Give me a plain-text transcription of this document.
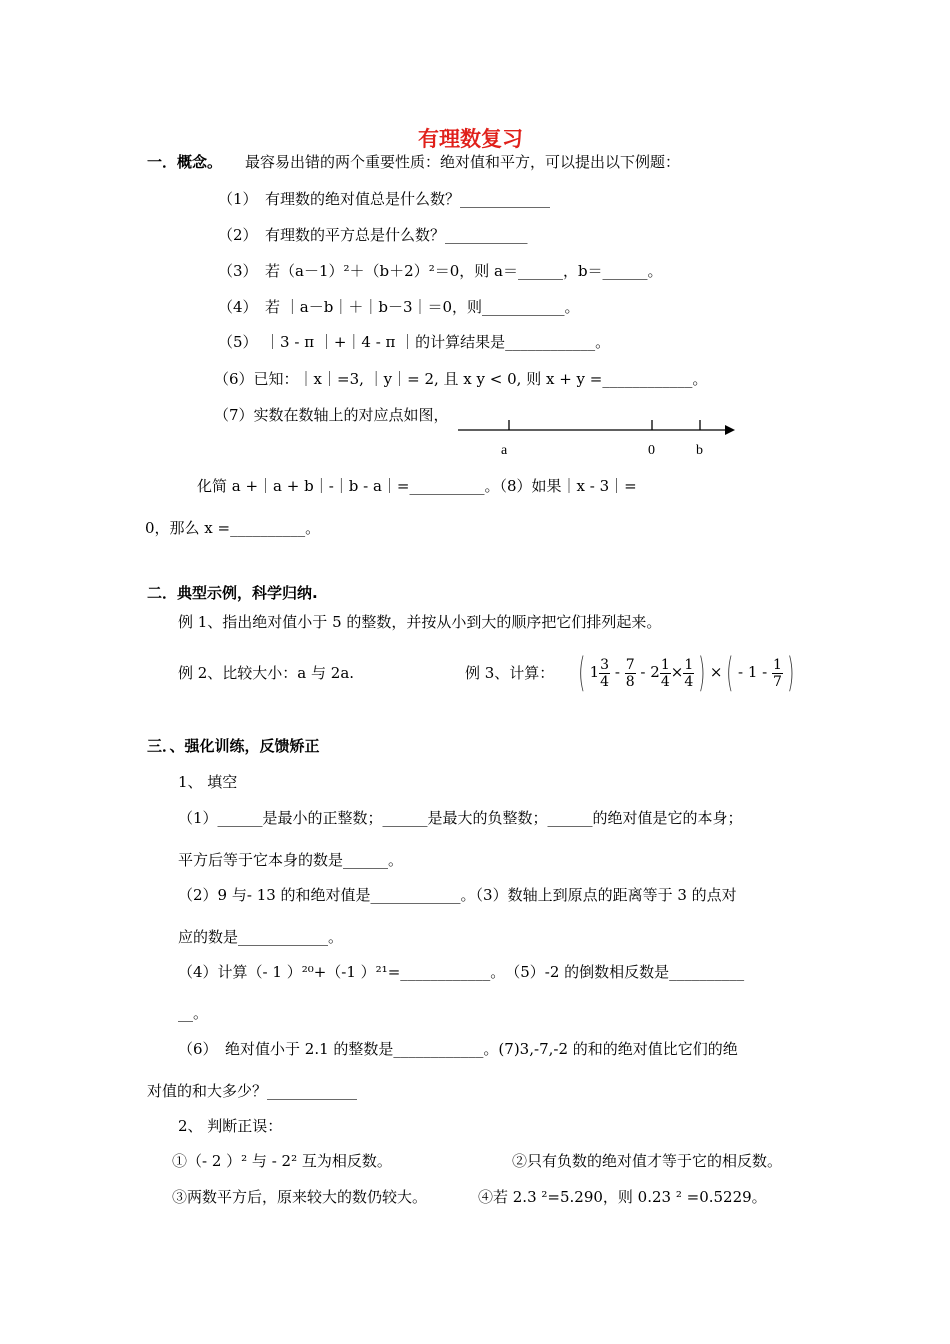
有理数复习
一．概念。 最容易出错的两个重要性质：绝对值和平方，可以提出以下例题：
（1）　有理数的绝对值总是什么数？____________
（2）　有理数的平方总是什么数？___________
（3）　若（a－1）²＋（b＋2）²＝0，则 a＝______，b＝______。
（4）　若 ｜a－b｜＋｜b－3｜＝0，则___________。
（5）　｜3 - π ｜+｜4 - π ｜的计算结果是____________。
（6）已知：｜x｜=3, ｜y｜= 2, 且 x y < 0, 则 x + y =____________。
（7）实数在数轴上的对应点如图，
a	0	b
化简 a +｜a + b｜-｜b - a｜=__________。（8）如果｜x - 3｜=
0，那么 x =__________。
二．典型示例，科学归纳.
例 1、指出绝对值小于 5 的整数，并按从小到大的顺序把它们排列起来。
例 2、比较大小：a 与 2a.	例 3、计算： ( $1 \frac{3}{4} - \frac{7}{8} - 2 \frac{1}{4} \times \frac{1}{4}$ ) × ( - $1 - \frac{1}{7}$ )
三．、强化训练，反馈矫正
1、 填空
（1）______是最小的正整数；______是最大的负整数；______的绝对值是它的本身；
平方后等于它本身的数是______。
（2）9 与- 13 的和绝对值是____________。（3）数轴上到原点的距离等于 3 的点对
应的数是____________。
（4）计算（- 1 ）²⁰+（-1 ）²¹=____________。　（5）-2 的倒数相反数是__________
__。
（6）　绝对值小于 2.1 的整数是____________。(7)3,-7,-2 的和的绝对值比它们的绝
对值的和大多少？____________
2、 判断正误：
①（- 2 ）² 与 - 2² 互为相反数。	②只有负数的绝对值才等于它的相反数。
③两数平方后，原来较大的数仍较大。	④若 2.3 ²=5.290，则 0.23 ² =0.5229。
